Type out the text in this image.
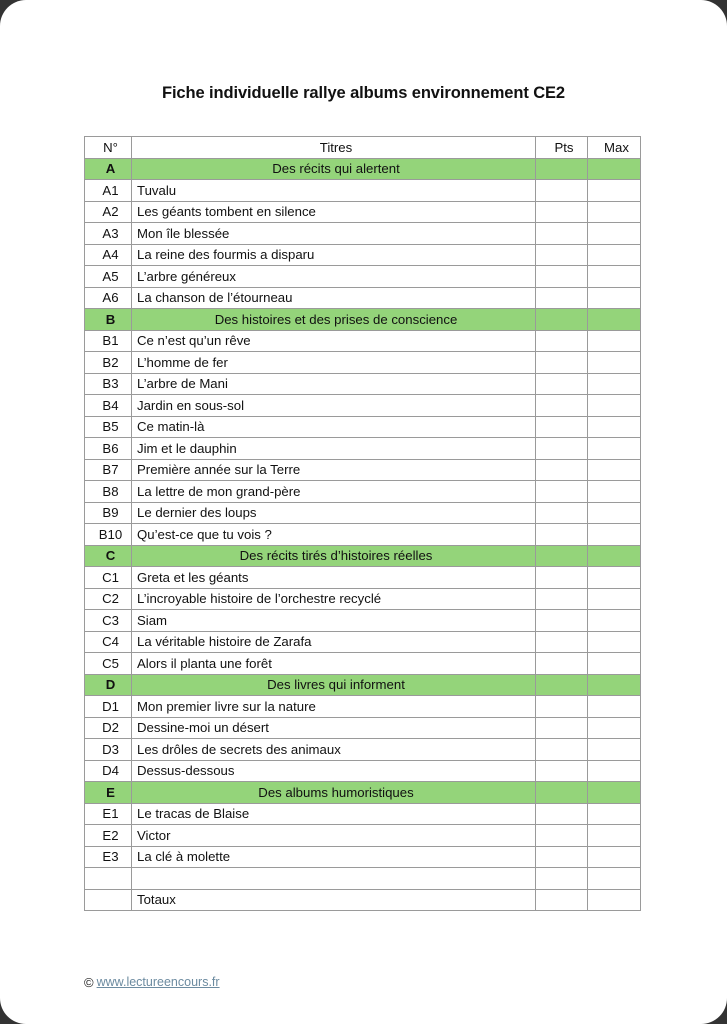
Fiche individuelle rallye albums environnement CE2
N°	Titres	Pts	Max
A	Des récits qui alertent		
A1	Tuvalu		
A2	Les géants tombent en silence		
A3	Mon île blessée		
A4	La reine des fourmis a disparu		
A5	L’arbre généreux		
A6	La chanson de l’étourneau		
B	Des histoires et des prises de conscience		
B1	Ce n’est qu’un rêve		
B2	L’homme de fer		
B3	L’arbre de Mani		
B4	Jardin en sous-sol		
B5	Ce matin-là		
B6	Jim et le dauphin		
B7	Première année sur la Terre		
B8	La lettre de mon grand-père		
B9	Le dernier des loups		
B10	Qu’est-ce que tu vois ?		
C	Des récits tirés d’histoires réelles		
C1	Greta et les géants		
C2	L’incroyable histoire de l’orchestre recyclé		
C3	Siam		
C4	La véritable histoire de Zarafa		
C5	Alors il planta une forêt		
D	Des livres qui informent		
D1	Mon premier livre sur la nature		
D2	Dessine-moi un désert		
D3	Les drôles de secrets des animaux		
D4	Dessus-dessous		
E	Des albums humoristiques		
E1	Le tracas de Blaise		
E2	Victor		
E3	La clé à molette		

	Totaux		
© www.lectureencours.fr
